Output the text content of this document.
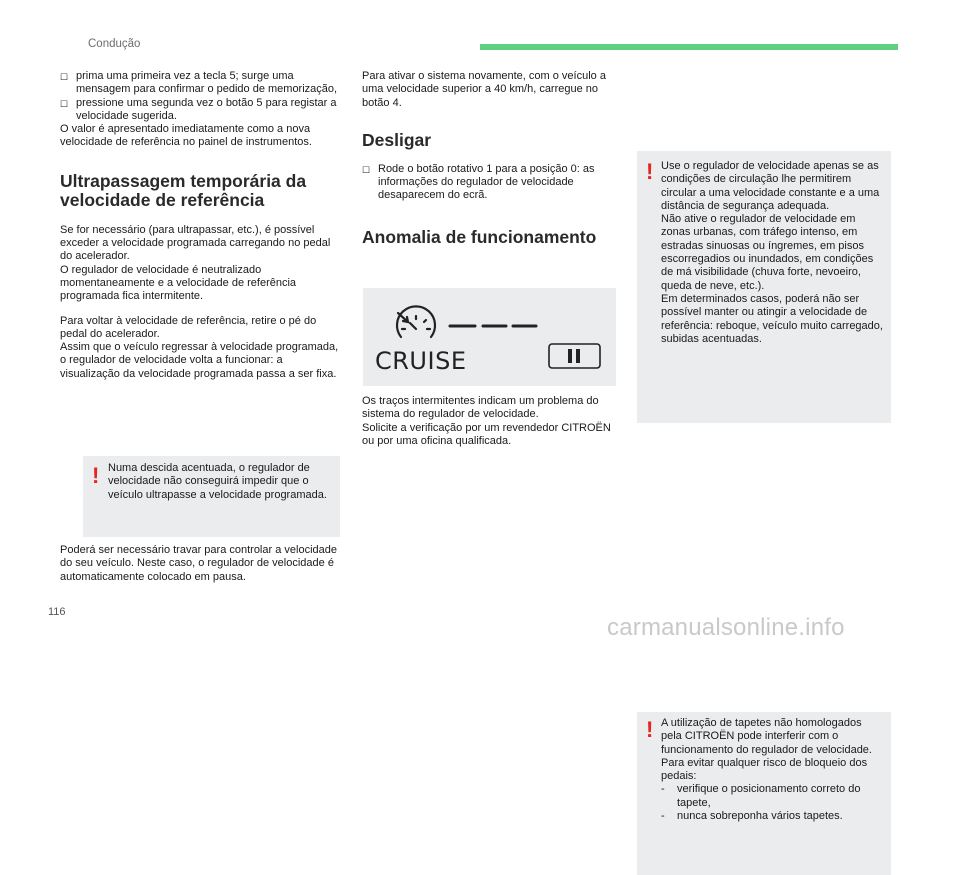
Condução
☐ prima uma primeira vez a tecla 5; surge uma mensagem para confirmar o pedido de memorização,
☐ pressione uma segunda vez o botão 5 para registar a velocidade sugerida.

O valor é apresentado imediatamente como a nova velocidade de referência no painel de instrumentos.

Ultrapassagem temporária da velocidade de referência

Se for necessário (para ultrapassar, etc.), é possível exceder a velocidade programada carregando no pedal do acelerador.

O regulador de velocidade é neutralizado momentaneamente e a velocidade de referência programada fica intermitente.

Para voltar à velocidade de referência, retire o pé do pedal do acelerador.

Assim que o veículo regressar à velocidade programada, o regulador de velocidade volta a funcionar: a visualização da velocidade programada passa a ser fixa.

! Numa descida acentuada, o regulador de velocidade não conseguirá impedir que o veículo ultrapasse a velocidade programada.

Poderá ser necessário travar para controlar a velocidade do seu veículo. Neste caso, o regulador de velocidade é automaticamente colocado em pausa.

Para ativar o sistema novamente, com o veículo a uma velocidade superior a 40 km/h, carregue no botão 4.

Desligar
☐ Rode o botão rotativo 1 para a posição 0: as informações do regulador de velocidade desaparecem do ecrã.
Anomalia de funcionamento
CRUISE

Os traços intermitentes indicam um problema do sistema do regulador de velocidade.

Solicite a verificação por um revendedor CITROËN ou por uma oficina qualificada.

! Use o regulador de velocidade apenas se as condições de circulação lhe permitirem circular a uma velocidade constante e a uma distância de segurança adequada.

Não ative o regulador de velocidade em zonas urbanas, com tráfego intenso, em estradas sinuosas ou íngremes, em pisos escorregadios ou inundados, em condições de má visibilidade (chuva forte, nevoeiro, queda de neve, etc.).

Em determinados casos, poderá não ser possível manter ou atingir a velocidade de referência: reboque, veículo muito carregado, subidas acentuadas.

! A utilização de tapetes não homologados pela CITROËN pode interferir com o funcionamento do regulador de velocidade.

Para evitar qualquer risco de bloqueio dos pedais:

-	verifique o posicionamento correto do tapete,
-	nunca sobreponha vários tapetes.
116
carmanualsonline.info
